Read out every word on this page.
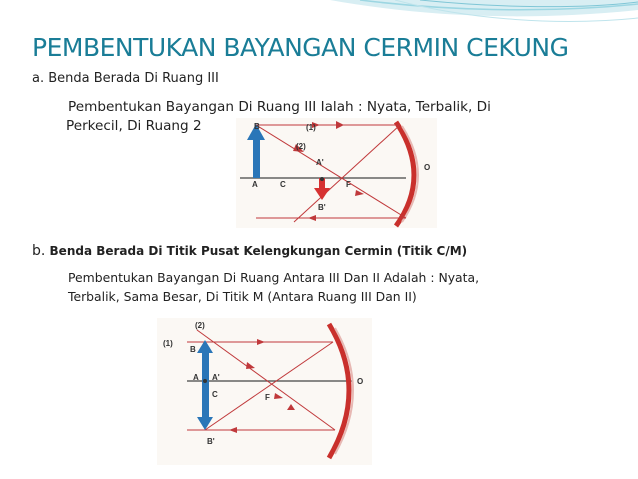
PEMBENTUKAN BAYANGAN CERMIN CEKUNG
a. Benda Berada Di Ruang III
Pembentukan Bayangan Di Ruang III Ialah : Nyata, Terbalik, Di
Perkecil, Di Ruang 2	B	(1)
(2)
A'
A	C	F
O
B'
b. Benda Berada Di Titik Pusat Kelengkungan Cermin (Titik C/M)
Pembentukan Bayangan Di Ruang Antara III Dan II Adalah : Nyata,
Terbalik, Sama Besar, Di Titik M (Antara Ruang III Dan II)
(2)
(1)
B
A A'
C	F
O
B'
